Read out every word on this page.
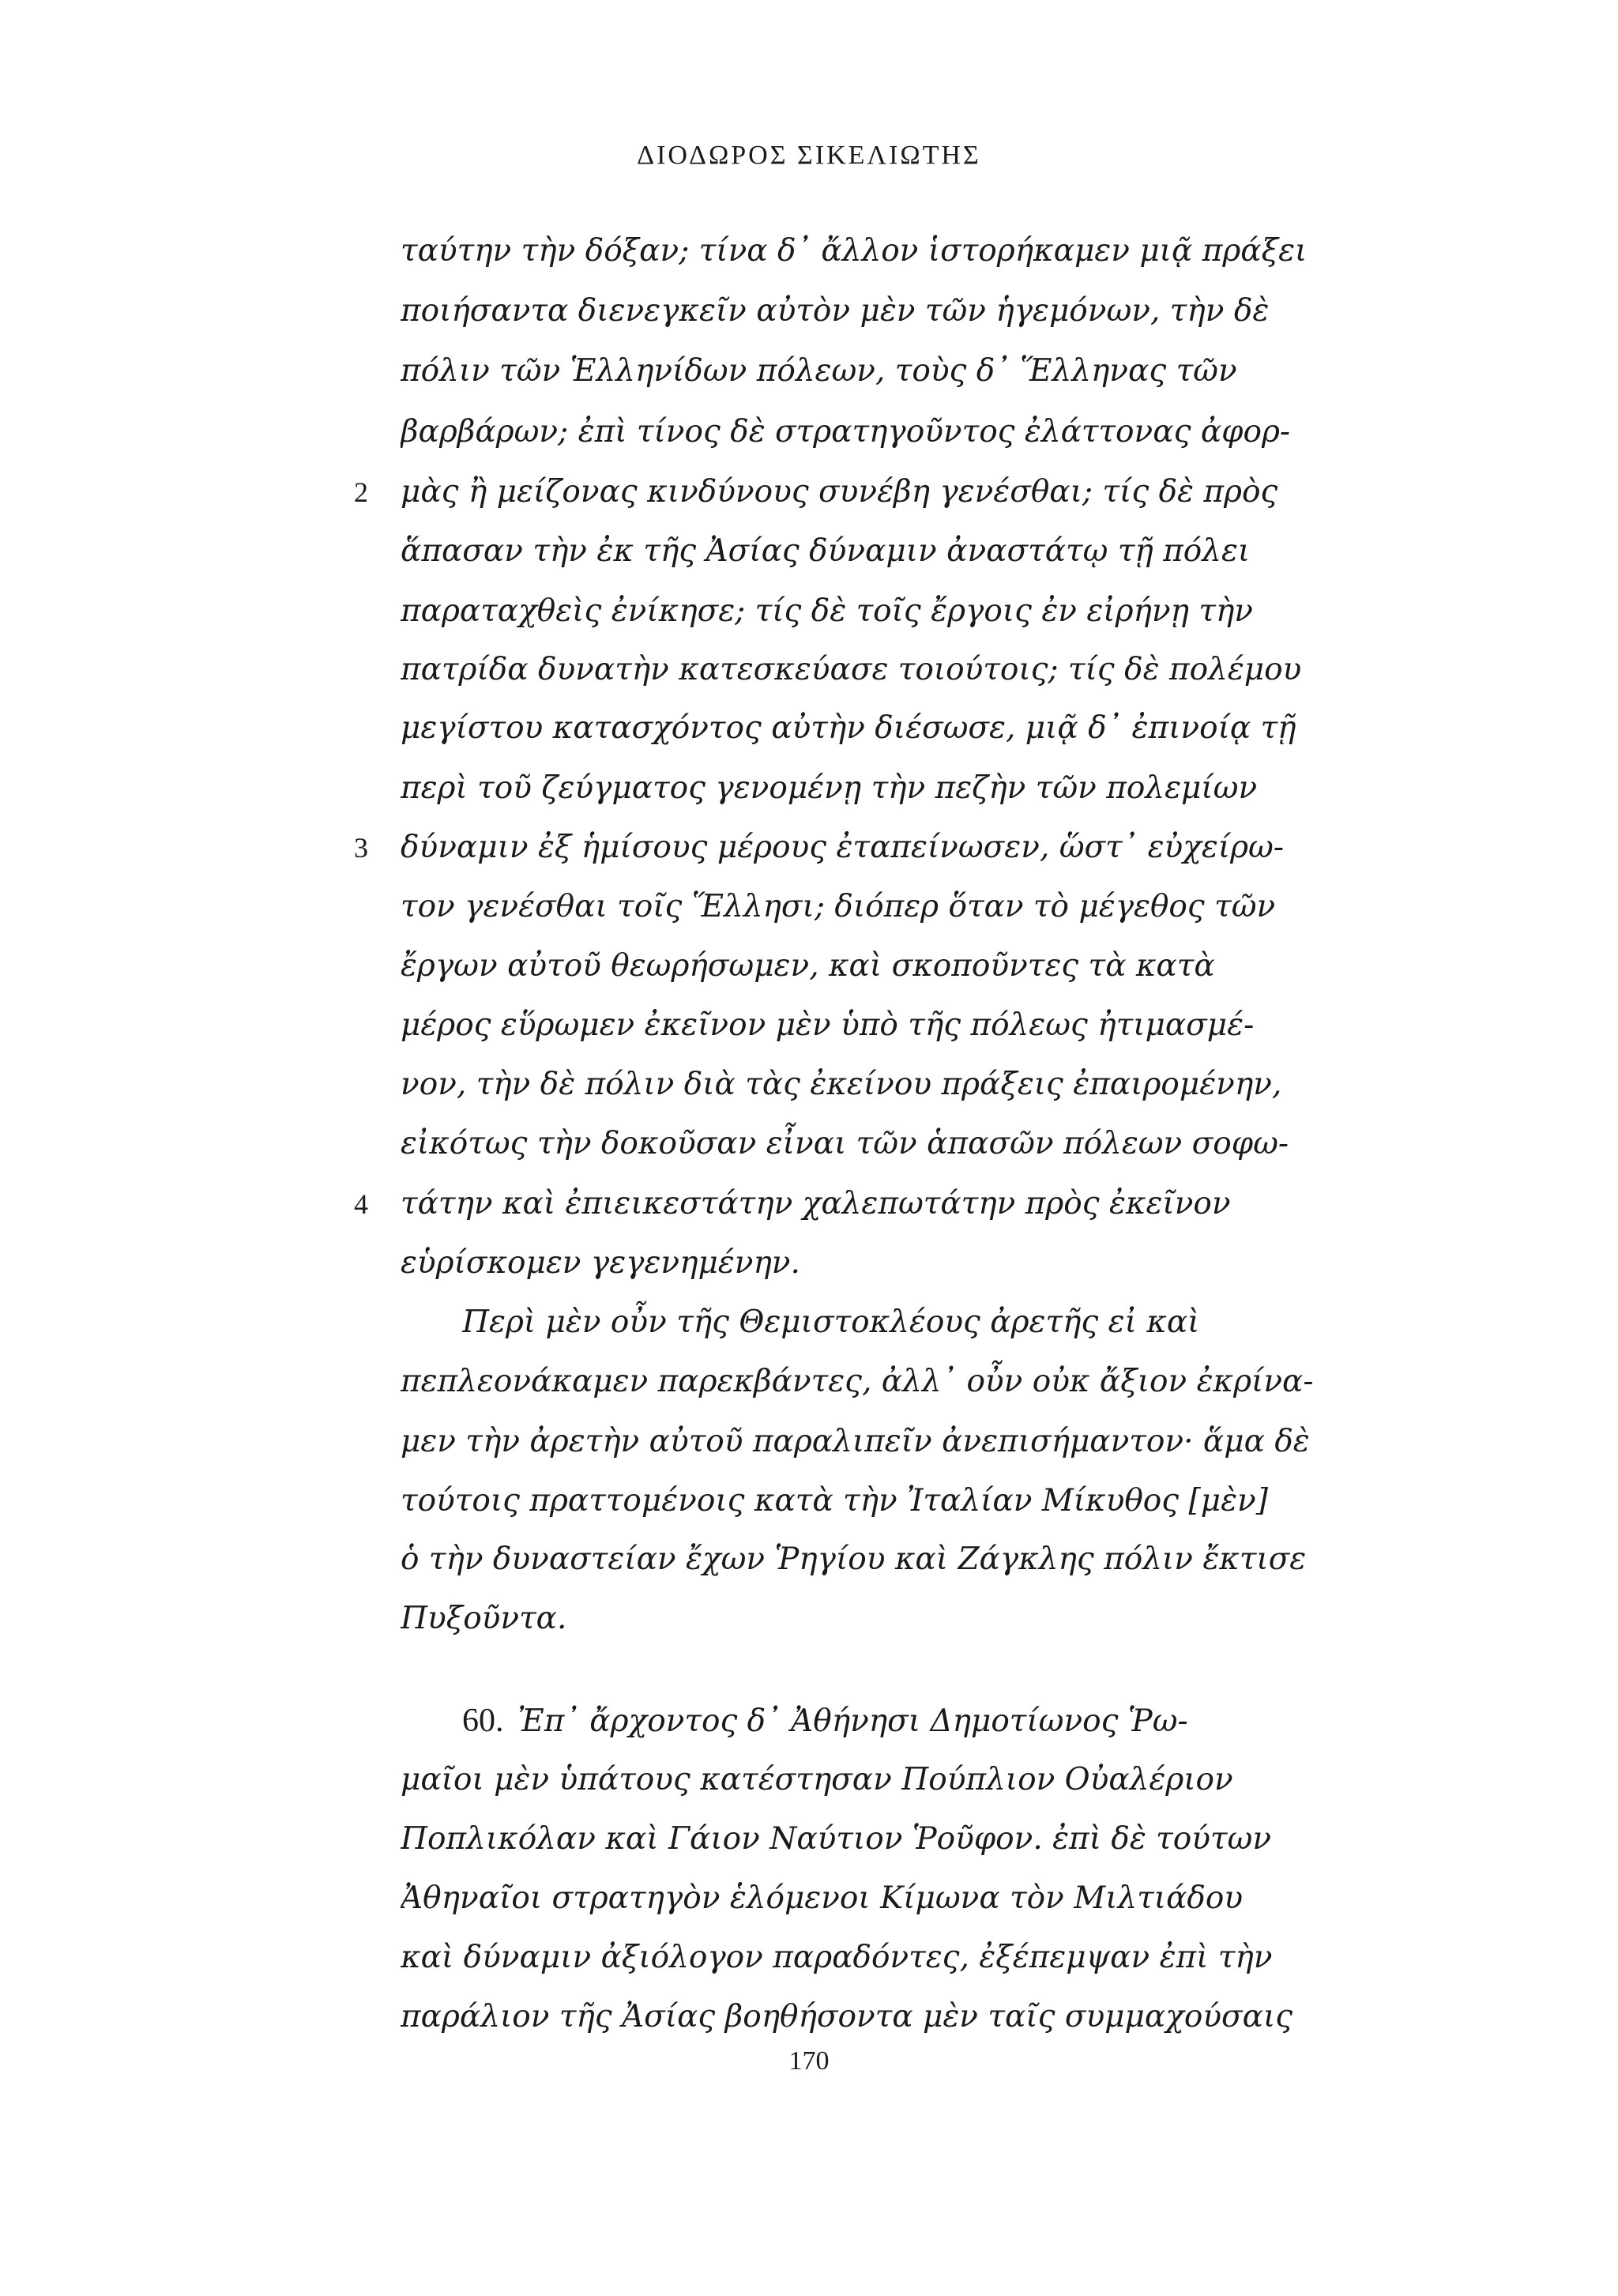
ΔΙΟΔΩΡΟΣ ΣΙΚΕΛΙΩΤΗΣ
2
3
4
ταύτην τὴν δόξαν; τίνα δ᾽ ἄλλον ἱστορήκαμεν μιᾷ πράξει
ποιήσαντα διενεγκεῖν αὐτὸν μὲν τῶν ἡγεμόνων, τὴν δὲ
πόλιν τῶν Ἑλληνίδων πόλεων, τοὺς δ᾽ Ἕλληνας τῶν
βαρβάρων; ἐπὶ τίνος δὲ στρατηγοῦντος ἐλάττονας ἀφορ-
μὰς ἢ μείζονας κινδύνους συνέβη γενέσθαι; τίς δὲ πρὸς
ἅπασαν τὴν ἐκ τῆς Ἀσίας δύναμιν ἀναστάτῳ τῇ πόλει
παραταχθεὶς ἐνίκησε; τίς δὲ τοῖς ἔργοις ἐν εἰρήνῃ τὴν
πατρίδα δυνατὴν κατεσκεύασε τοιούτοις; τίς δὲ πολέμου
μεγίστου κατασχόντος αὐτὴν διέσωσε, μιᾷ δ᾽ ἐπινοίᾳ τῇ
περὶ τοῦ ζεύγματος γενομένῃ τὴν πεζὴν τῶν πολεμίων
δύναμιν ἐξ ἡμίσους μέρους ἐταπείνωσεν, ὥστ᾽ εὐχείρω-
τον γενέσθαι τοῖς Ἕλλησι; διόπερ ὅταν τὸ μέγεθος τῶν
ἔργων αὐτοῦ θεωρήσωμεν, καὶ σκοποῦντες τὰ κατὰ
μέρος εὕρωμεν ἐκεῖνον μὲν ὑπὸ τῆς πόλεως ἠτιμασμέ-
νον, τὴν δὲ πόλιν διὰ τὰς ἐκείνου πράξεις ἐπαιρομένην,
εἰκότως τὴν δοκοῦσαν εἶναι τῶν ἁπασῶν πόλεων σοφω-
τάτην καὶ ἐπιεικεστάτην χαλεπωτάτην πρὸς ἐκεῖνον
εὑρίσκομεν γεγενημένην.
Περὶ μὲν οὖν τῆς Θεμιστοκλέους ἀρετῆς εἰ καὶ
πεπλεονάκαμεν παρεκβάντες, ἀλλ᾽ οὖν οὐκ ἄξιον ἐκρίνα-
μεν τὴν ἀρετὴν αὐτοῦ παραλιπεῖν ἀνεπισήμαντον· ἅμα δὲ
τούτοις πραττομένοις κατὰ τὴν Ἰταλίαν Μίκυθος [μὲν]
ὁ τὴν δυναστείαν ἔχων Ῥηγίου καὶ Ζάγκλης πόλιν ἔκτισε
Πυξοῦντα.
60. Ἐπ᾽ ἄρχοντος δ᾽ Ἀθήνησι Δημοτίωνος Ῥω-
μαῖοι μὲν ὑπάτους κατέστησαν Πούπλιον Οὐαλέριον
Ποπλικόλαν καὶ Γάιον Ναύτιον Ῥοῦφον. ἐπὶ δὲ τούτων
Ἀθηναῖοι στρατηγὸν ἑλόμενοι Κίμωνα τὸν Μιλτιάδου
καὶ δύναμιν ἀξιόλογον παραδόντες, ἐξέπεμψαν ἐπὶ τὴν
παράλιον τῆς Ἀσίας βοηθήσοντα μὲν ταῖς συμμαχούσαις
170
